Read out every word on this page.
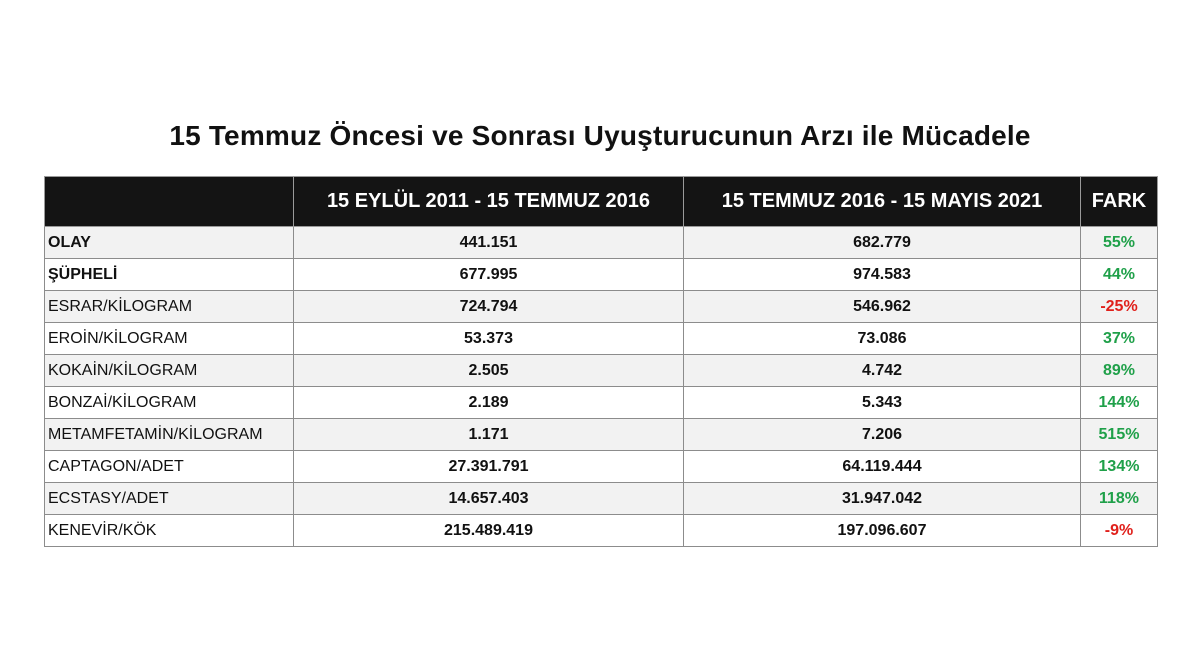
15 Temmuz Öncesi ve Sonrası Uyuşturucunun Arzı ile Mücadele
	15 EYLÜL 2011 - 15 TEMMUZ 2016	15 TEMMUZ 2016 - 15 MAYIS 2021	FARK
OLAY	441.151	682.779	55%
ŞÜPHELİ	677.995	974.583	44%
ESRAR/KİLOGRAM	724.794	546.962	-25%
EROİN/KİLOGRAM	53.373	73.086	37%
KOKAİN/KİLOGRAM	2.505	4.742	89%
BONZAİ/KİLOGRAM	2.189	5.343	144%
METAMFETAMİN/KİLOGRAM	1.171	7.206	515%
CAPTAGON/ADET	27.391.791	64.119.444	134%
ECSTASY/ADET	14.657.403	31.947.042	118%
KENEVİR/KÖK	215.489.419	197.096.607	-9%
